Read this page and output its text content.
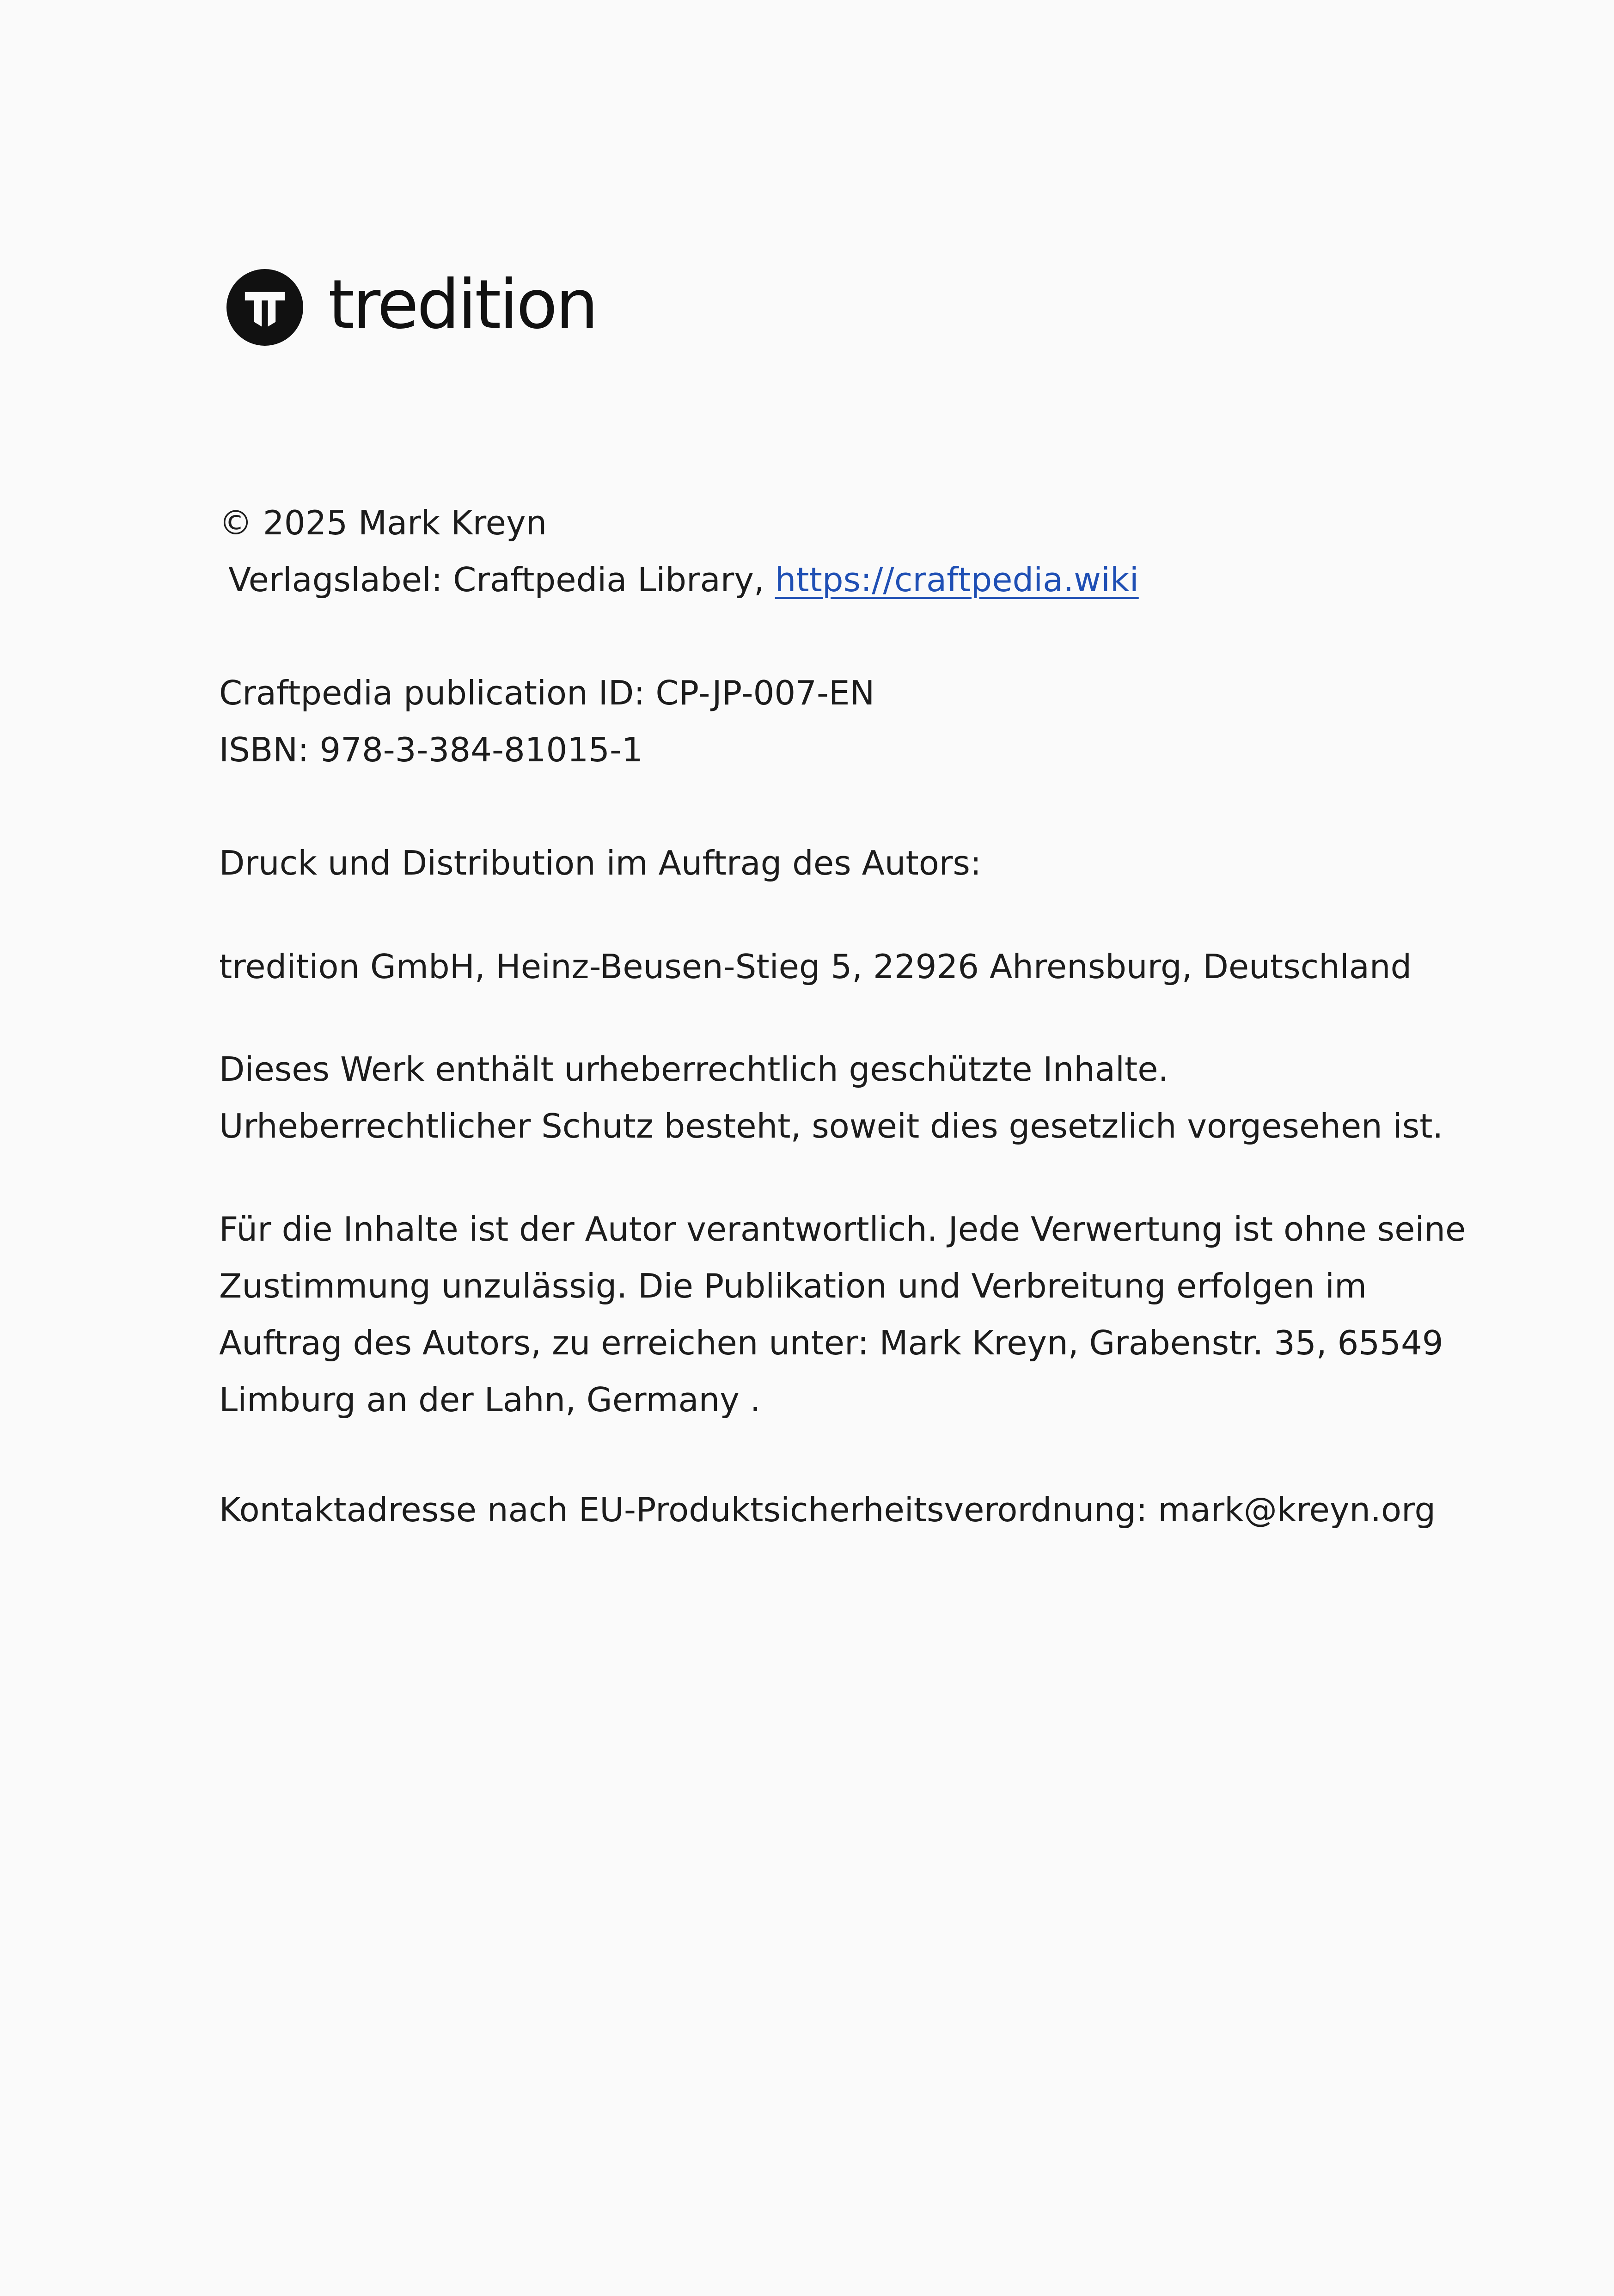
tredition

© 2025 Mark Kreyn

Verlagslabel: Craftpedia Library, https://craftpedia.wiki

Craftpedia publication ID: CP-JP-007-EN

ISBN: 978-3-384-81015-1

Druck und Distribution im Auftrag des Autors:

tredition GmbH, Heinz-Beusen-Stieg 5, 22926 Ahrensburg, Deutschland

Dieses Werk enthält urheberrechtlich geschützte Inhalte.

Urheberrechtlicher Schutz besteht, soweit dies gesetzlich vorgesehen ist.

Für die Inhalte ist der Autor verantwortlich. Jede Verwertung ist ohne seine

Zustimmung unzulässig. Die Publikation und Verbreitung erfolgen im

Auftrag des Autors, zu erreichen unter: Mark Kreyn, Grabenstr. 35, 65549

Limburg an der Lahn, Germany .

Kontaktadresse nach EU-Produktsicherheitsverordnung: mark@kreyn.org
